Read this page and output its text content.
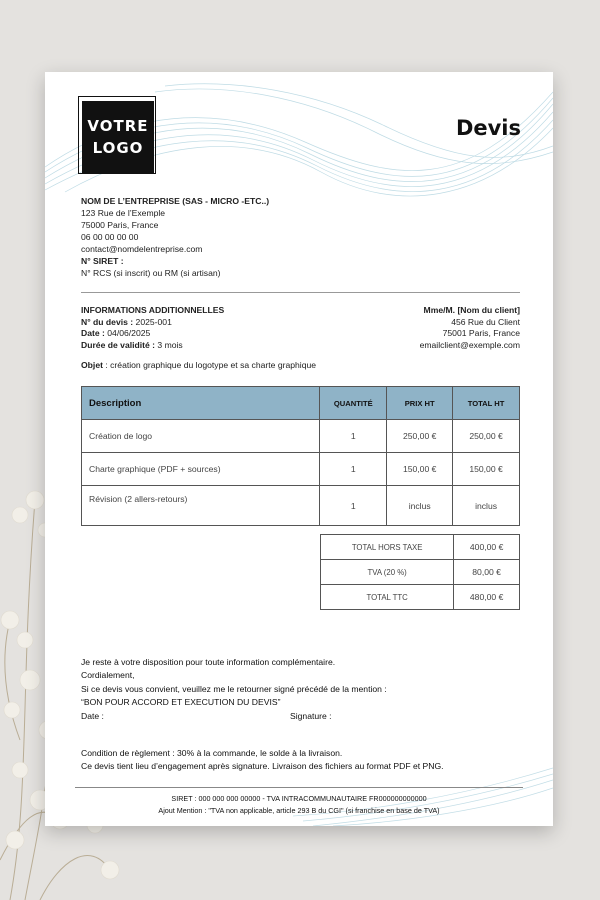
VOTRE
LOGO
Devis
NOM DE L’ENTREPRISE (SAS - MICRO -ETC..)
123 Rue de l’Exemple
75000 Paris, France
06 00 00 00 00
contact@nomdelentreprise.com
N° SIRET :
N° RCS (si inscrit) ou RM (si artisan)
INFORMATIONS ADDITIONNELLES
N° du devis : 2025-001
Date : 04/06/2025
Durée de validité : 3 mois
Mme/M. [Nom du client]
456 Rue du Client
75001 Paris, France
emailclient@exemple.com
Objet : création graphique du logotype et sa charte graphique
Description	QUANTITÉ	PRIX HT	TOTAL HT
Création de logo	1	250,00 €	250,00 €
Charte graphique (PDF + sources)	1	150,00 €	150,00 €
Révision (2 allers-retours)	1	inclus	inclus
TOTAL HORS TAXE	400,00 €
TVA (20 %)	80,00 €
TOTAL TTC	480,00 €
Je reste à votre disposition pour toute information complémentaire.
Cordialement,
Si ce devis vous convient, veuillez me le retourner signé précédé de la mention :
“BON POUR ACCORD ET EXECUTION DU DEVIS”
Date :	Signature :
Condition de règlement : 30% à la commande, le solde à la livraison.
Ce devis tient lieu d’engagement après signature. Livraison des fichiers au format PDF et PNG.
SIRET : 000 000 000 00000 - TVA INTRACOMMUNAUTAIRE FR000000000000
Ajout Mention : "TVA non applicable, article 293 B du CGI" (si franchise en base de TVA)
